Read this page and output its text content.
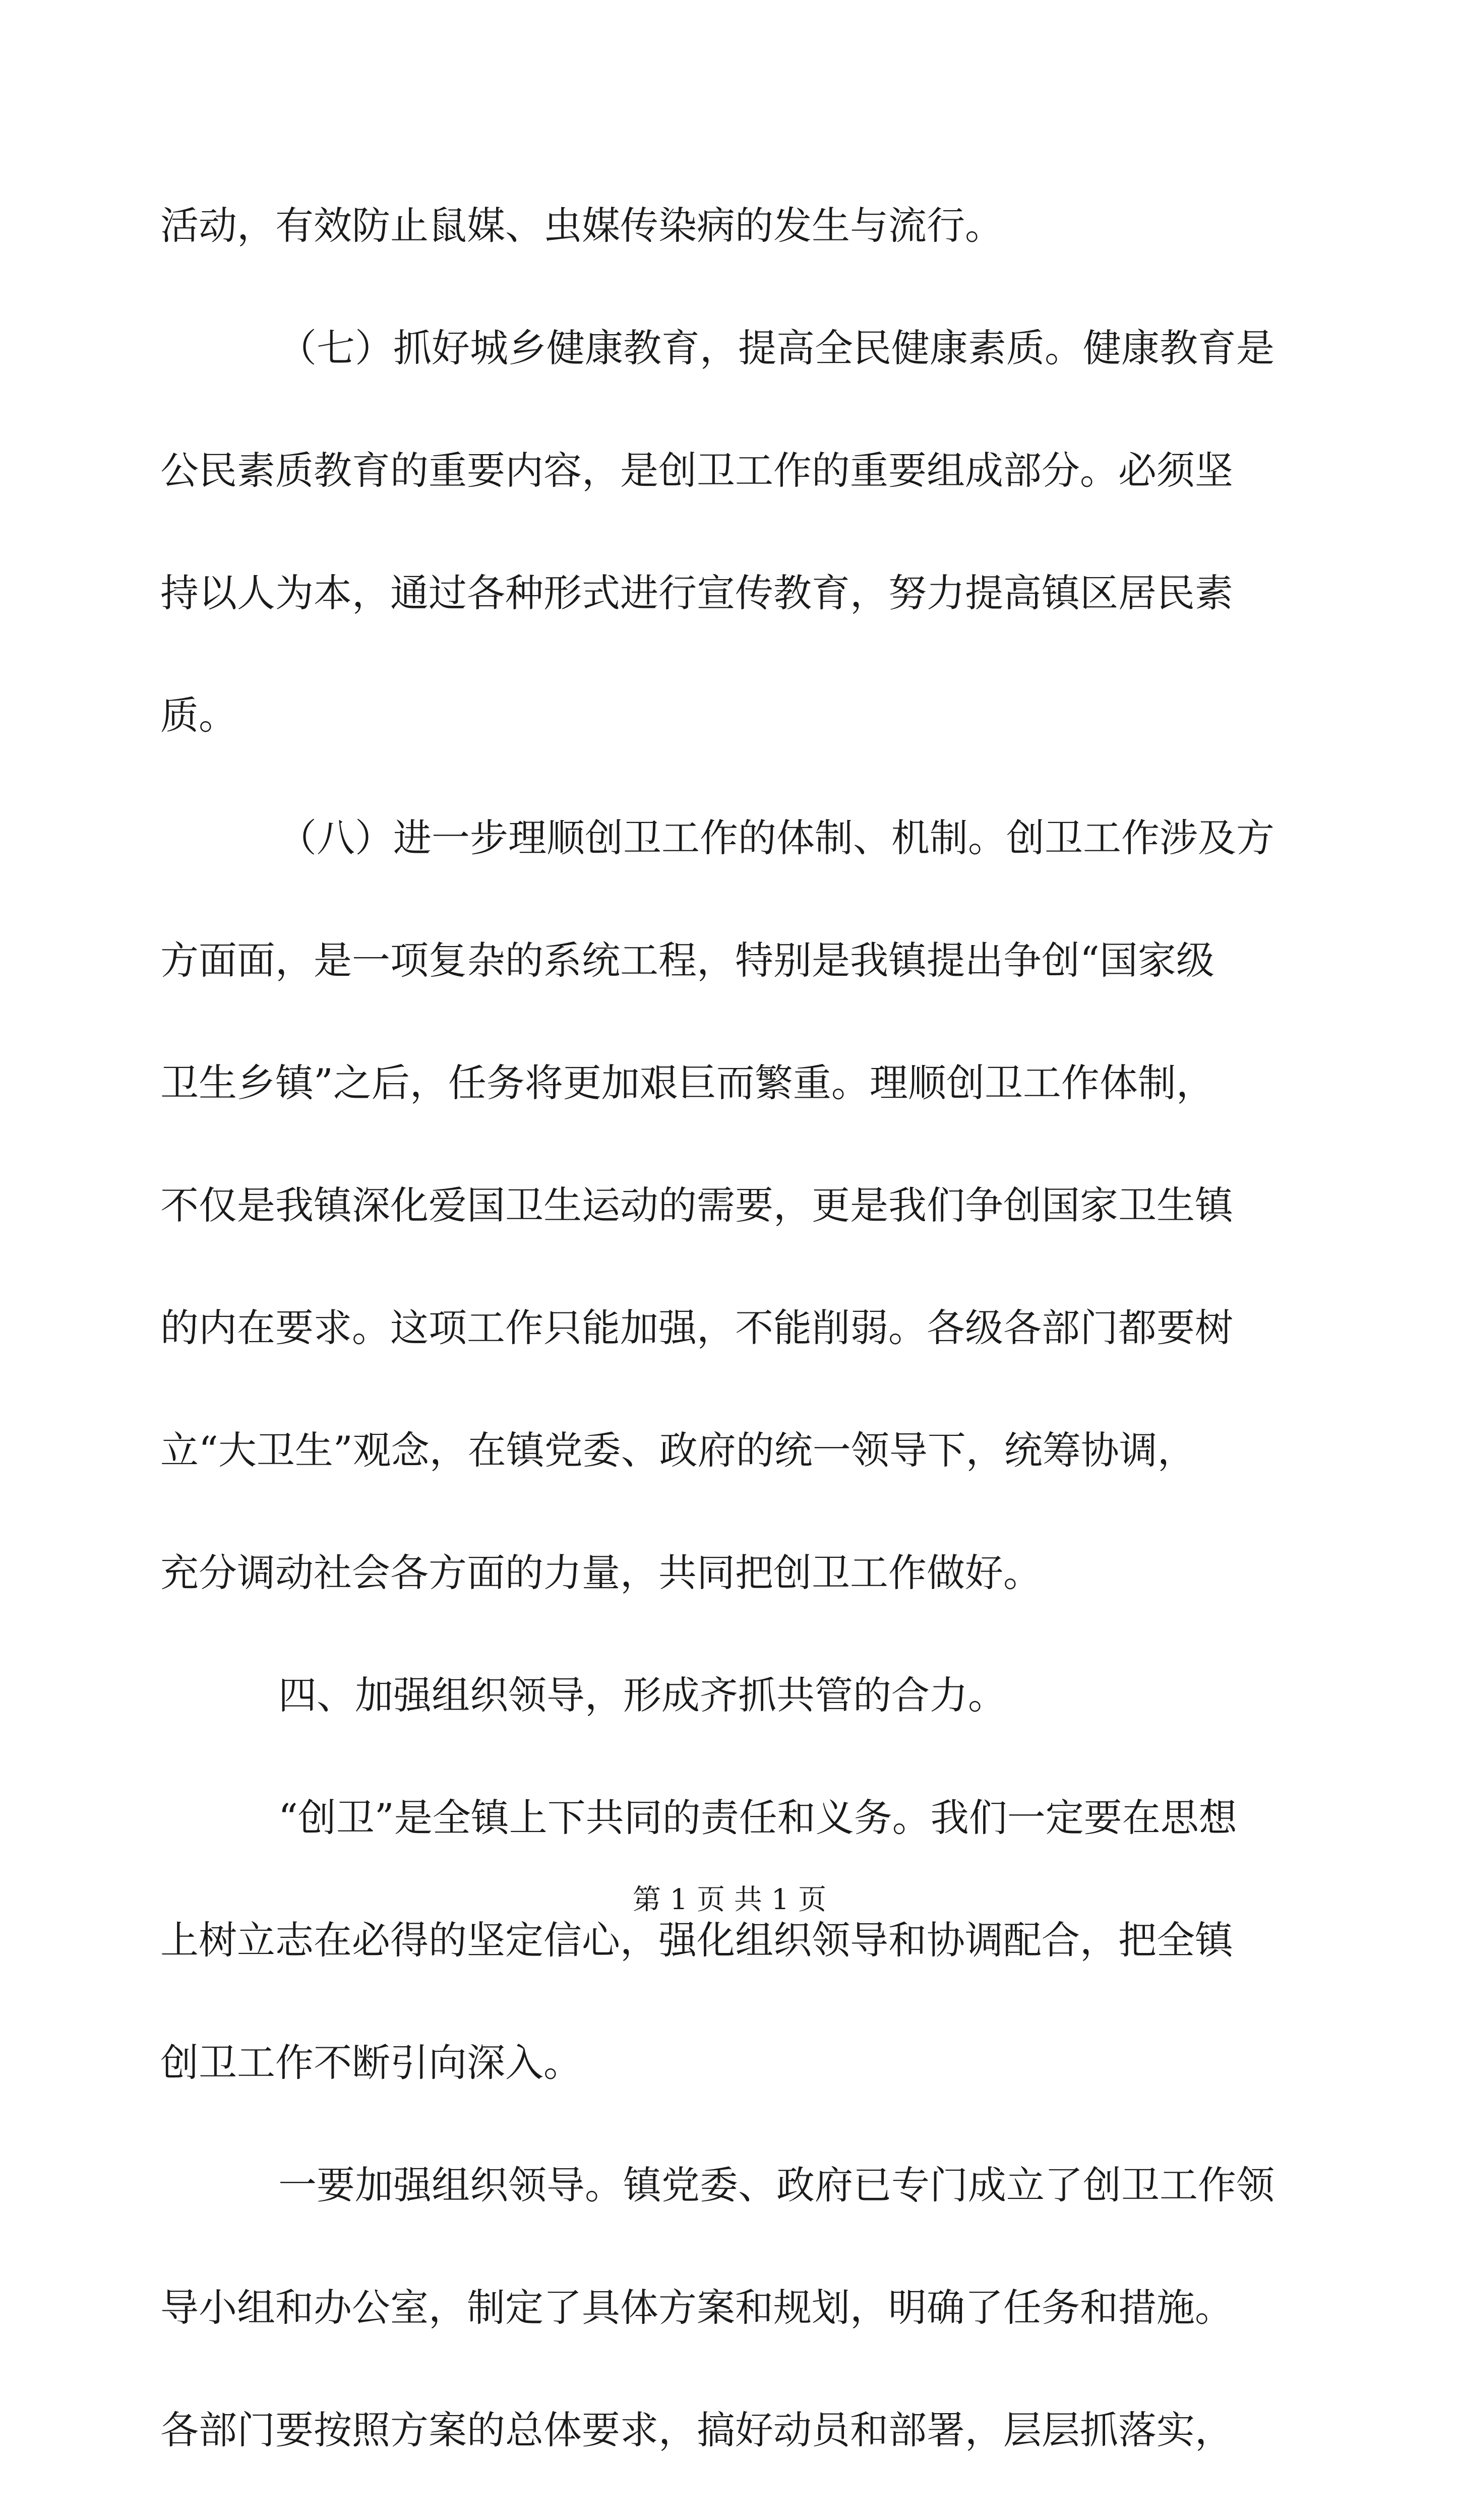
活动，有效防止鼠媒、虫媒传染病的发生与流行。
（七）抓好城乡健康教育，提高全民健康素质。健康教育是
公民素质教育的重要内容，是创卫工作的重要组成部分。必须坚
持以人为本，通过各种形式进行宣传教育，努力提高镇区居民素
质。
（八）进一步理顺创卫工作的体制、机制。创卫工作涉及方
方面面，是一项复杂的系统工程，特别是我镇提出争创“国家级
卫生乡镇”之后，任务将更加艰巨而繁重。理顺创卫工作体制，
不仅是我镇深化爱国卫生运动的需要，更是我们争创国家卫生镇
的内在要求。这项工作只能加强，不能削弱。各级各部门都要树
立“大卫生”观念，在镇党委、政府的统一领导下，统筹协调，
充分调动社会各方面的力量，共同把创卫工作做好。
四、加强组织领导，形成齐抓共管的合力。
“创卫”是全镇上下共同的责任和义务。我们一定要在思想
上树立志在必得的坚定信心，强化组织领导和协调配合，把全镇
创卫工作不断引向深入。
一要加强组织领导。镇党委、政府已专门成立了创卫工作领
导小组和办公室，制定了具体方案和规划，明确了任务和措施。
各部门要按照方案的总体要求，搞好动员和部署，层层抓落实，
第 1 页 共 1 页
